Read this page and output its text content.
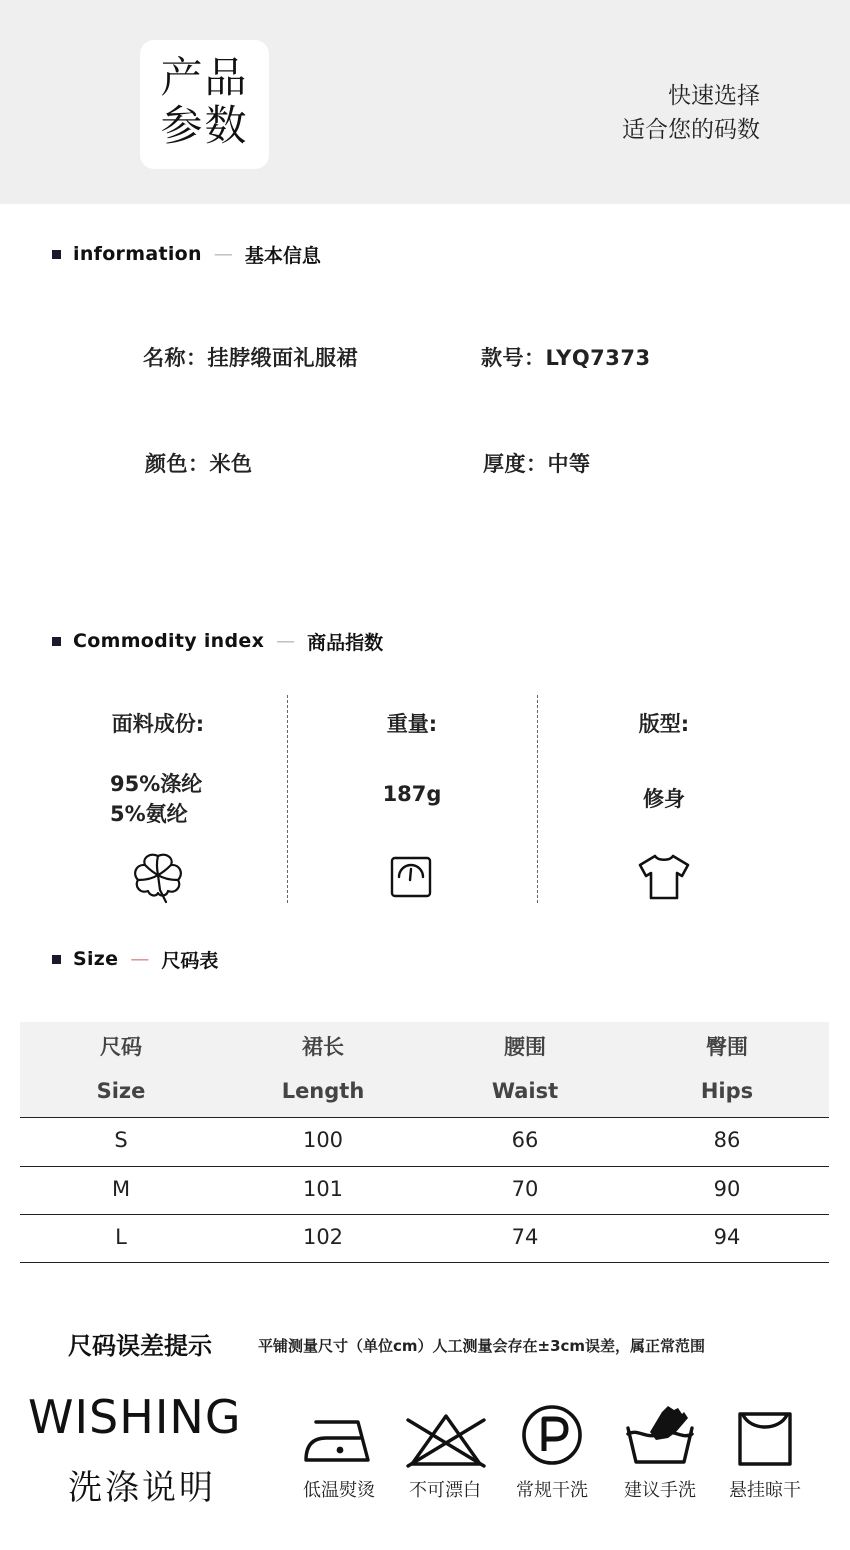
产品
参数
快速选择
适合您的码数
information — 基本信息
名称：挂脖缎面礼服裙	款号：LYQ7373
颜色：米色	厚度：中等
Commodity index — 商品指数
面料成份:
95%涤纶
5%氨纶
重量:
187g
版型:
修身
Size — 尺码表
尺码	裙长	腰围	臀围
Size	Length	Waist	Hips
S	100	66	86
M	101	70	90
L	102	74	94
尺码误差提示	平铺测量尺寸（单位cm）人工测量会存在±3cm误差，属正常范围
WISHING
洗涤说明	低温熨烫	不可漂白	常规干洗	建议手洗	悬挂晾干
